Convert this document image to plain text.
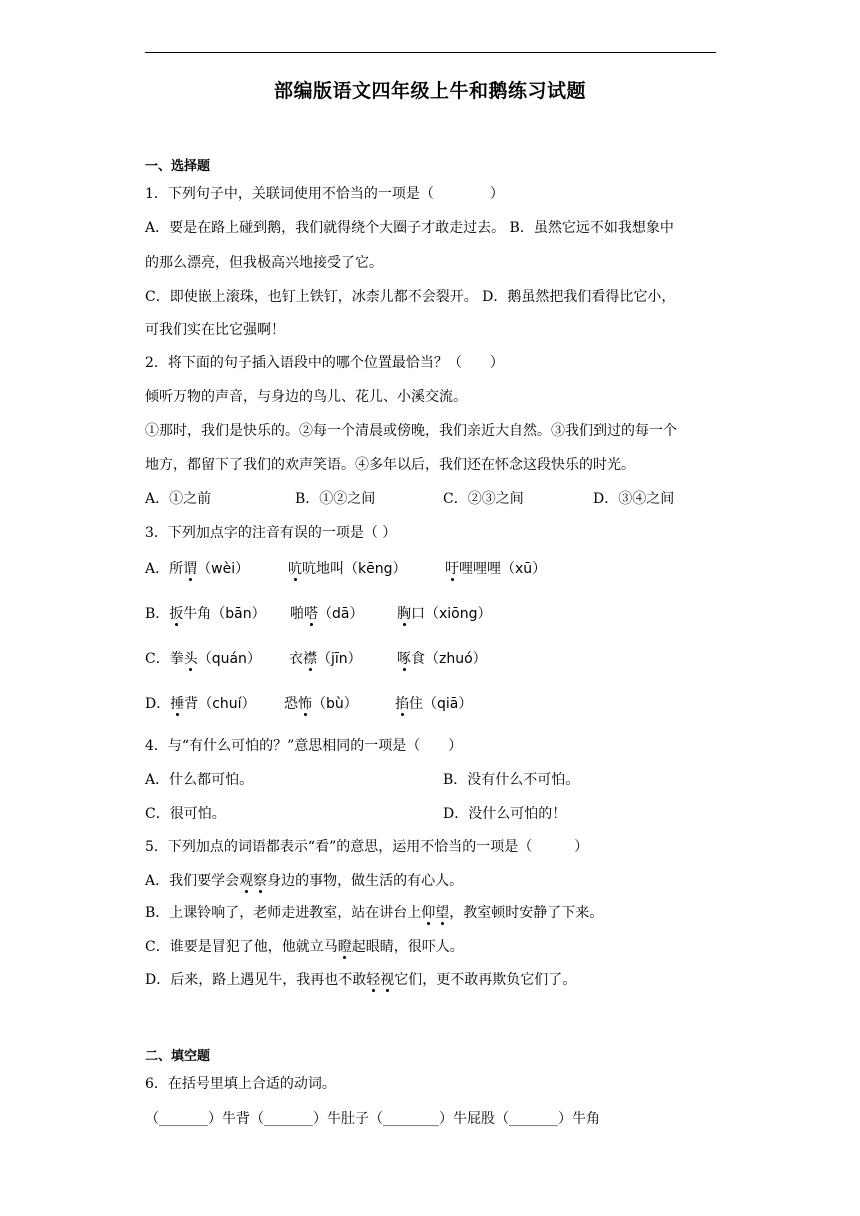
部编版语文四年级上牛和鹅练习试题
一、选择题
1．下列句子中，关联词使用不恰当的一项是（　　　　）
A．要是在路上碰到鹅，我们就得绕个大圈子才敢走过去。 B．虽然它远不如我想象中
的那么漂亮，但我极高兴地接受了它。
C．即使嵌上滚珠，也钉上铁钉，冰柰儿都不会裂开。 D．鹅虽然把我们看得比它小，
可我们实在比它强啊！
2．将下面的句子插入语段中的哪个位置最恰当？（　　）
倾听万物的声音，与身边的鸟儿、花儿、小溪交流。
①那时，我们是快乐的。②每一个清晨或傍晚，我们亲近大自然。③我们到过的每一个
地方，都留下了我们的欢声笑语。④多年以后，我们还在怀念这段快乐的时光。
A．①之前	B．①②之间	C．②③之间	D．③④之间
3．下列加点字的注音有误的一项是（ ）
A．所谓（wèi）	吭吭地叫（kēng）	吁哩哩哩（xū）
B．扳牛角（bān） 啪嗒（dā） 胸口（xiōng）
C．拳头（quán） 衣襟（jīn）	啄食（zhuó）
D．捶背（chuí） 恐怖（bù）	掐住（qiā）
4．与“有什么可怕的？”意思相同的一项是（　　）
A．什么都可怕。	B．没有什么不可怕。
C．很可怕。	D．没什么可怕的！
5．下列加点的词语都表示“看”的意思，运用不恰当的一项是（　　　）
A．我们要学会观察身边的事物，做生活的有心人。
B．上课铃响了，老师走进教室，站在讲台上仰望，教室顿时安静了下来。
C．谁要是冒犯了他，他就立马瞪起眼睛，很吓人。
D．后来，路上遇见牛，我再也不敢轻视它们，更不敢再欺负它们了。
二、填空题
6．在括号里填上合适的动词。
（_______）牛背（_______）牛肚子（________）牛屁股（_______）牛角
